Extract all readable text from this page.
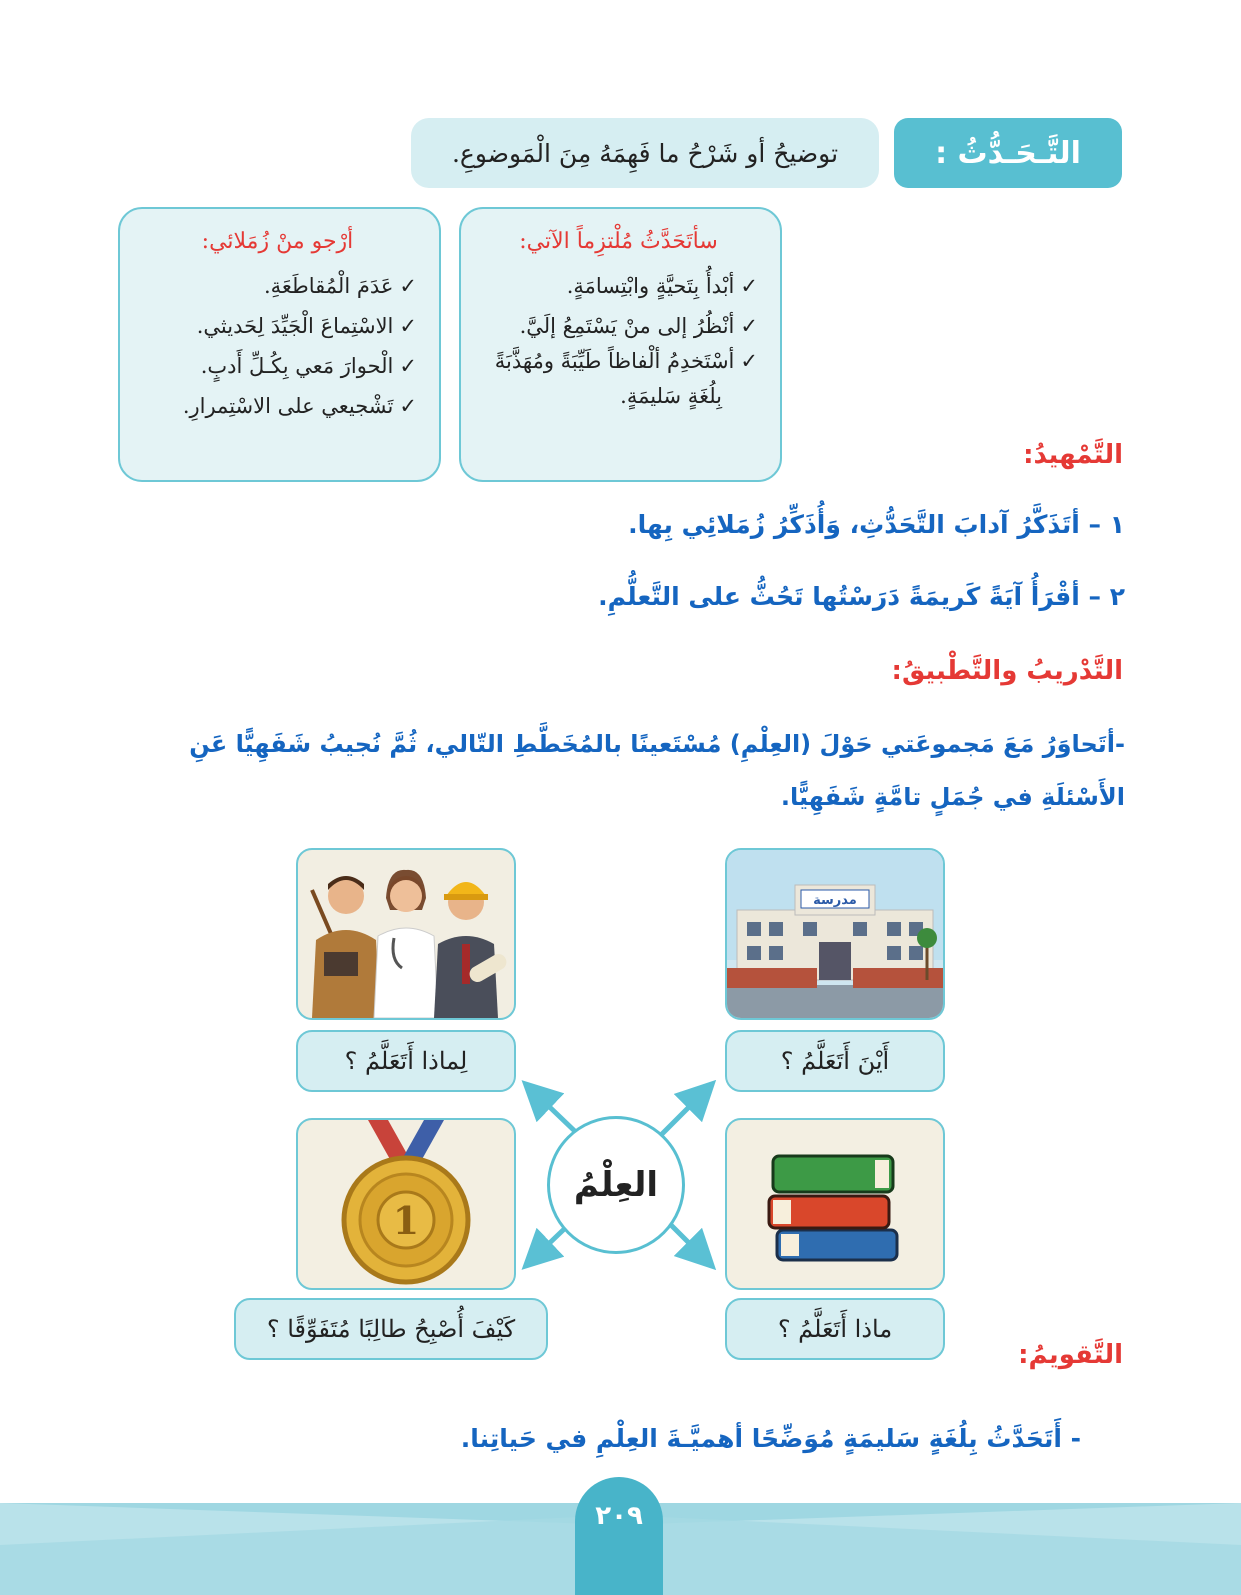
التَّـحَـدُّثُ :
توضيحُ أو شَرْحُ ما فَهِمَهُ مِنَ الْمَوضوعِ.
سأتَحَدَّثُ مُلْتزِماً الآتي:
✓أبْدأُ بِتَحيَّةٍ وابْتِسامَةٍ.
✓أنْظُرُ إلى منْ يَسْتَمِعُ إلَيَّ.
✓أسْتَخدِمُ ألْفاظاً طَيِّبَةً ومُهَذَّبَةً
بِلُغَةٍ سَليمَةٍ.
أرْجو منْ زُمَلائي:
✓عَدَمَ الْمُقاطَعَةِ.
✓الاسْتِماعَ الْجَيِّدَ لِحَديثي.
✓الْحوارَ مَعي بِكُـلِّ أَدبٍ.
✓تَشْجيعي على الاسْتِمرارِ.
التَّمْهيدُ:
١ – أتَذَكَّرُ آدابَ التَّحَدُّثِ، وَأُذَكِّرُ زُمَلائِي بِها.
٢ – أقْرَأُ آيَةً كَريمَةً دَرَسْتُها تَحُثُّ على التَّعلُّمِ.
التَّدْريبُ والتَّطْبيقُ:
-أتَحاوَرُ مَعَ مَجموعَتي حَوْلَ (العِلْمِ) مُسْتَعينًا بالمُخَطَّطِ التّالي، ثُمَّ نُجيبُ شَفَهِيًّا عَنِ
الأَسْئلَةِ في جُمَلٍ تامَّةٍ شَفَهِيًّا.
مدرسة
أَيْنَ أَتَعَلَّمُ ؟
لِماذا أَتَعَلَّمُ ؟
ماذا أَتَعَلَّمُ ؟
1
كَيْفَ أُصْبِحُ طالِبًا مُتَفَوِّقًا ؟
العِلْمُ
التَّقويمُ:
- أَتَحَدَّثُ بِلُغَةٍ سَليمَةٍ مُوَضِّحًا أهميَّـةَ العِلْمِ في حَياتِنا.
٢٠٩
